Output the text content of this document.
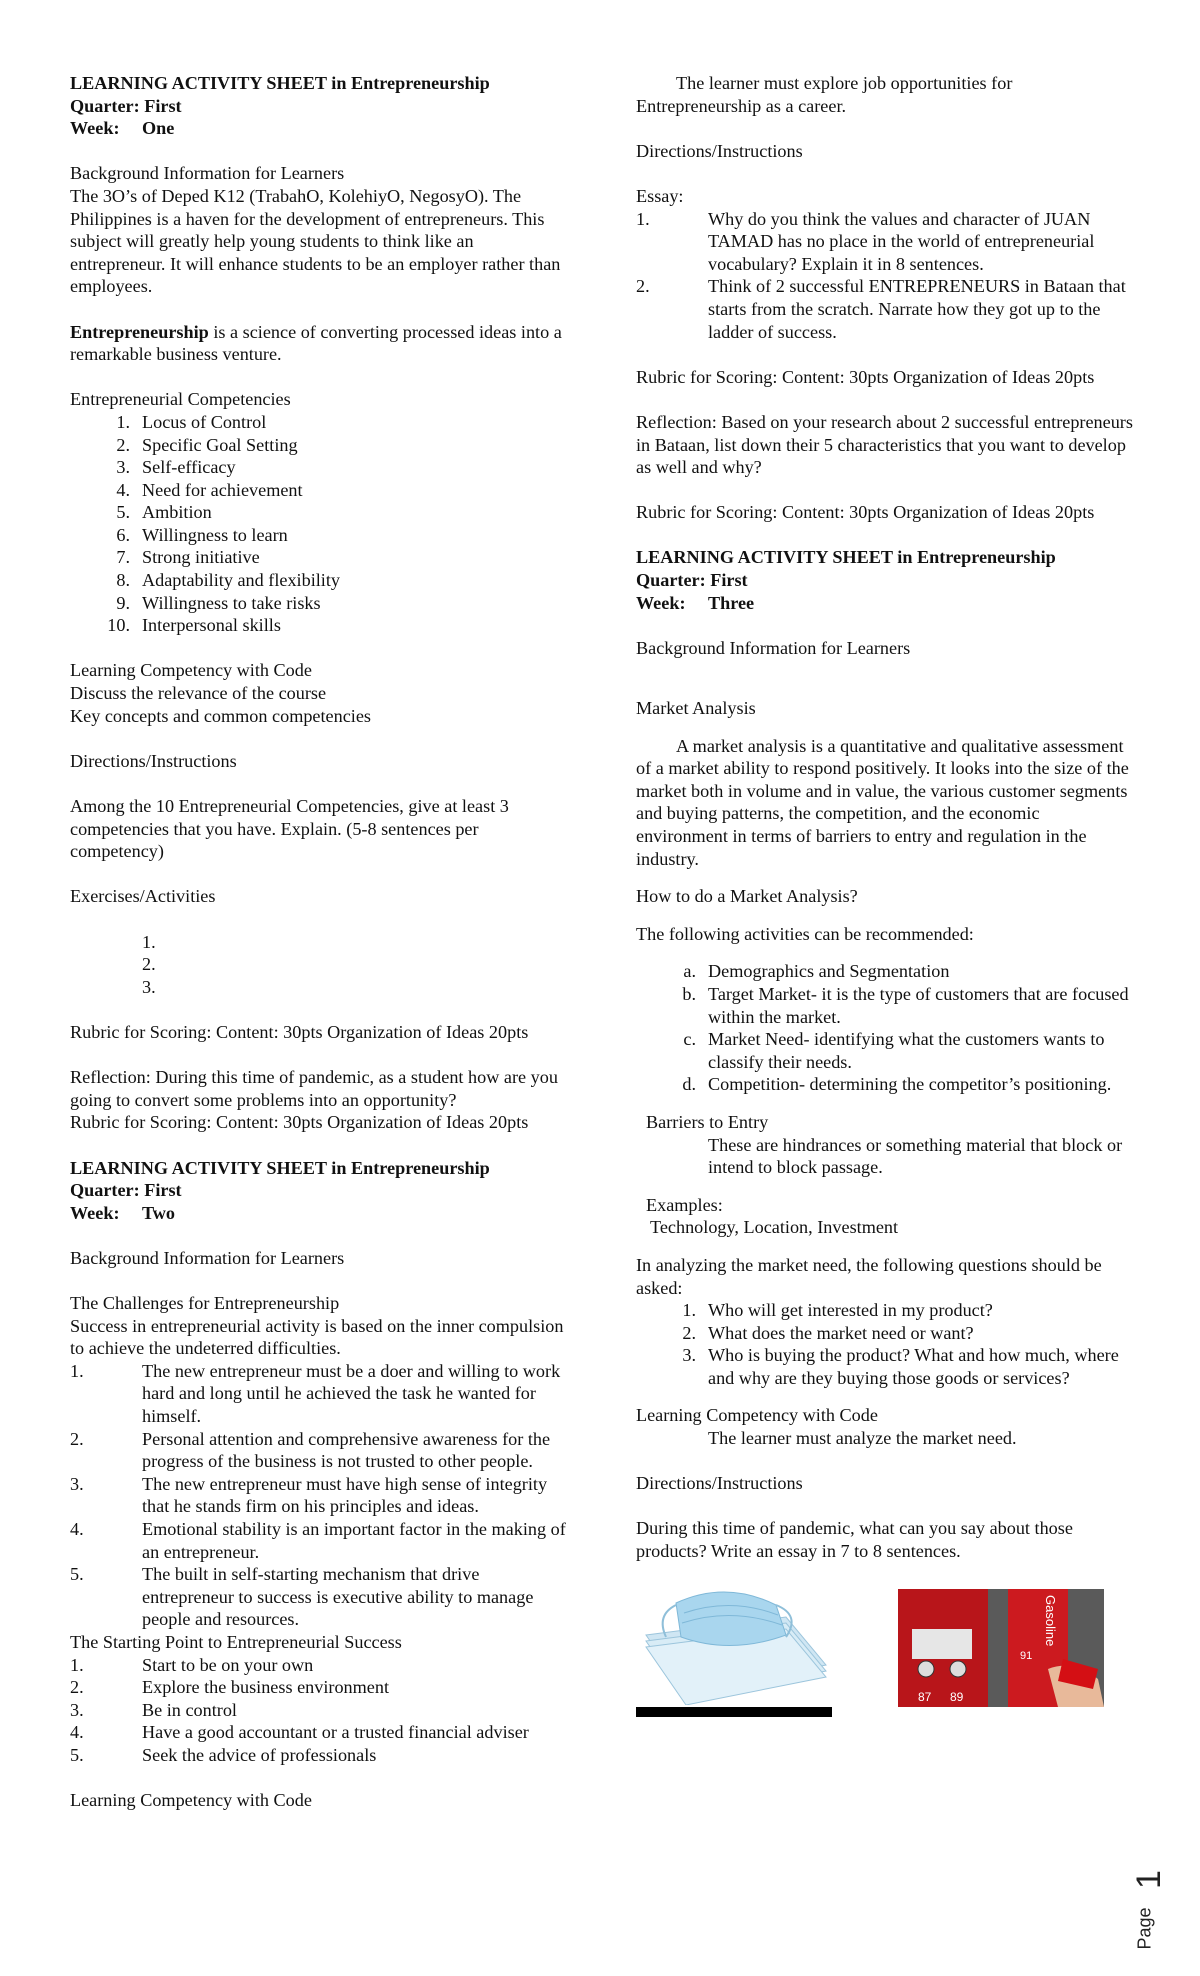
LEARNING ACTIVITY SHEET in Entrepreneurship
Quarter: First
Week: One
Background Information for Learners
The 3O’s of Deped K12 (TrabahO, KolehiyO, NegosyO). The Philippines is a haven for the development of entrepreneurs. This subject will greatly help young students to think like an entrepreneur. It will enhance students to be an employer rather than employees.
Entrepreneurship is a science of converting processed ideas into a remarkable business venture.
Entrepreneurial Competencies
1. Locus of Control
2. Specific Goal Setting
3. Self-efficacy
4. Need for achievement
5. Ambition
6. Willingness to learn
7. Strong initiative
8. Adaptability and flexibility
9. Willingness to take risks
10. Interpersonal skills
Learning Competency with Code
Discuss the relevance of the course
Key concepts and common competencies
Directions/Instructions
Among the 10 Entrepreneurial Competencies, give at least 3 competencies that you have. Explain. (5-8 sentences per competency)
Exercises/Activities
1.
2.
3.
Rubric for Scoring: Content: 30pts Organization of Ideas 20pts
Reflection: During this time of pandemic, as a student how are you going to convert some problems into an opportunity?
Rubric for Scoring: Content: 30pts Organization of Ideas 20pts
LEARNING ACTIVITY SHEET in Entrepreneurship
Quarter: First
Week: Two
Background Information for Learners
The Challenges for Entrepreneurship
Success in entrepreneurial activity is based on the inner compulsion to achieve the undeterred difficulties.
1.	The new entrepreneur must be a doer and willing to work hard and long until he achieved the task he wanted for himself.
2.	Personal attention and comprehensive awareness for the progress of the business is not trusted to other people.
3.	The new entrepreneur must have high sense of integrity that he stands firm on his principles and ideas.
4.	Emotional stability is an important factor in the making of an entrepreneur.
5.	The built in self-starting mechanism that drive entrepreneur to success is executive ability to manage people and resources.
The Starting Point to Entrepreneurial Success
1.	Start to be on your own
2.	Explore the business environment
3.	Be in control
4.	Have a good accountant or a trusted financial adviser
5.	Seek the advice of professionals
Learning Competency with Code
The learner must explore job opportunities for Entrepreneurship as a career.
Directions/Instructions
Essay:
1.	Why do you think the values and character of JUAN TAMAD has no place in the world of entrepreneurial vocabulary? Explain it in 8 sentences.
2.	Think of 2 successful ENTREPRENEURS in Bataan that starts from the scratch. Narrate how they got up to the ladder of success.
Rubric for Scoring: Content: 30pts Organization of Ideas 20pts
Reflection: Based on your research about 2 successful entrepreneurs in Bataan, list down their 5 characteristics that you want to develop as well and why?
Rubric for Scoring: Content: 30pts Organization of Ideas 20pts
LEARNING ACTIVITY SHEET in Entrepreneurship
Quarter: First
Week: Three
Background Information for Learners
Market Analysis
A market analysis is a quantitative and qualitative assessment of a market ability to respond positively. It looks into the size of the market both in volume and in value, the various customer segments and buying patterns, the competition, and the economic environment in terms of barriers to entry and regulation in the industry.
How to do a Market Analysis?
The following activities can be recommended:
a. Demographics and Segmentation
b. Target Market- it is the type of customers that are focused within the market.
c. Market Need- identifying what the customers wants to classify their needs.
d. Competition- determining the competitor’s positioning.
Barriers to Entry
These are hindrances or something material that block or intend to block passage.
Examples:
Technology, Location, Investment
In analyzing the market need, the following questions should be asked:
1. Who will get interested in my product?
2. What does the market need or want?
3. Who is buying the product? What and how much, where and why are they buying those goods or services?
Learning Competency with Code
The learner must analyze the market need.
Directions/Instructions
During this time of pandemic, what can you say about those products? Write an essay in 7 to 8 sentences.
87 89
91
Gasoline
Page
1
